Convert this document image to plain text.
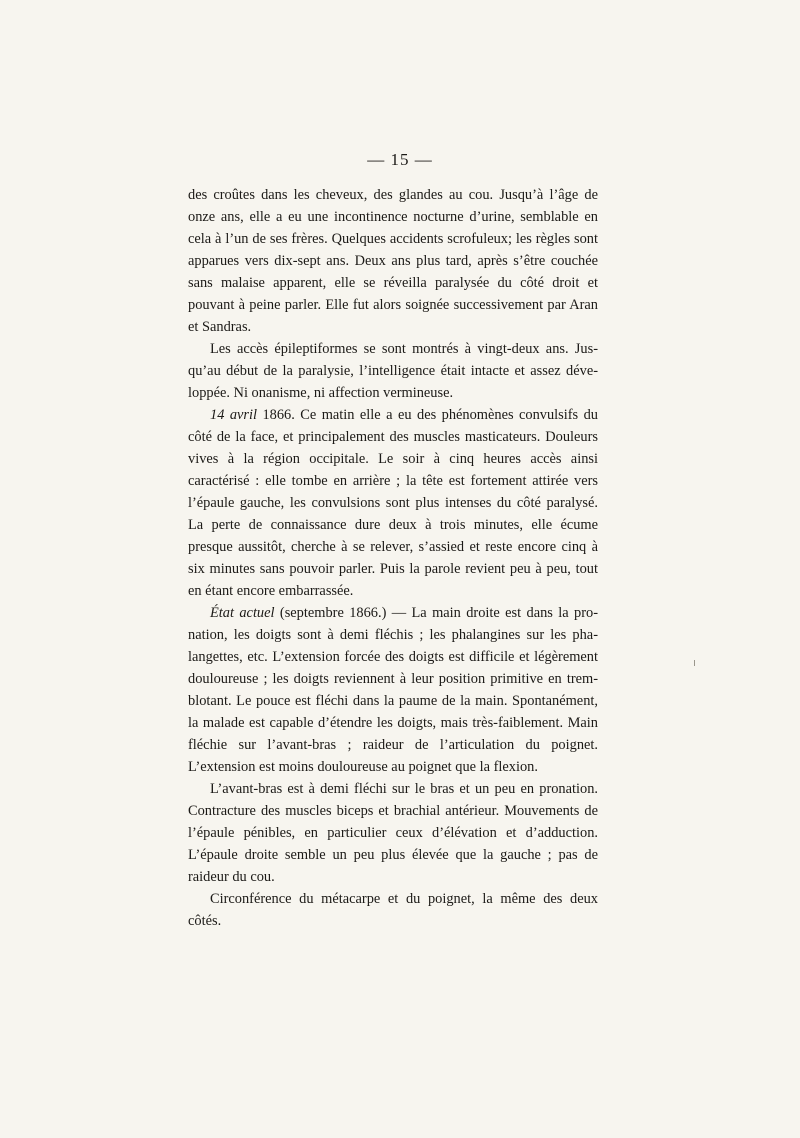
— 15 —

des croûtes dans les cheveux, des glandes au cou. Jusqu’à l’âge de onze ans, elle a eu une incontinence nocturne d’urine, semblable en cela à l’un de ses frères. Quelques accidents scrofuleux; les règles sont apparues vers dix-sept ans. Deux ans plus tard, après s’être couchée sans malaise apparent, elle se réveilla paralysée du côté droit et pouvant à peine parler. Elle fut alors soignée successivement par Aran et Sandras.

Les accès épileptiformes se sont montrés à vingt-deux ans. Jusqu’au début de la paralysie, l’intelligence était intacte et assez développée. Ni onanisme, ni affection vermineuse.

14 avril 1866. Ce matin elle a eu des phénomènes convulsifs du côté de la face, et principalement des muscles masticateurs. Douleurs vives à la région occipitale. Le soir à cinq heures accès ainsi caractérisé : elle tombe en arrière ; la tête est fortement attirée vers l’épaule gauche, les convulsions sont plus intenses du côté paralysé. La perte de connaissance dure deux à trois minutes, elle écume presque aussitôt, cherche à se relever, s’assied et reste encore cinq à six minutes sans pouvoir parler. Puis la parole revient peu à peu, tout en étant encore embarrassée.

État actuel (septembre 1866.) — La main droite est dans la pronation, les doigts sont à demi fléchis ; les phalangines sur les phalangettes, etc. L’extension forcée des doigts est difficile et légèrement douloureuse ; les doigts reviennent à leur position primitive en tremblotant. Le pouce est fléchi dans la paume de la main. Spontanément, la malade est capable d’étendre les doigts, mais très-faiblement. Main fléchie sur l’avant-bras ; raideur de l’articulation du poignet. L’extension est moins douloureuse au poignet que la flexion.

L’avant-bras est à demi fléchi sur le bras et un peu en pronation. Contracture des muscles biceps et brachial antérieur. Mouvements de l’épaule pénibles, en particulier ceux d’élévation et d’adduction. L’épaule droite semble un peu plus élevée que la gauche ; pas de raideur du cou.

Circonférence du métacarpe et du poignet, la même des deux côtés.
